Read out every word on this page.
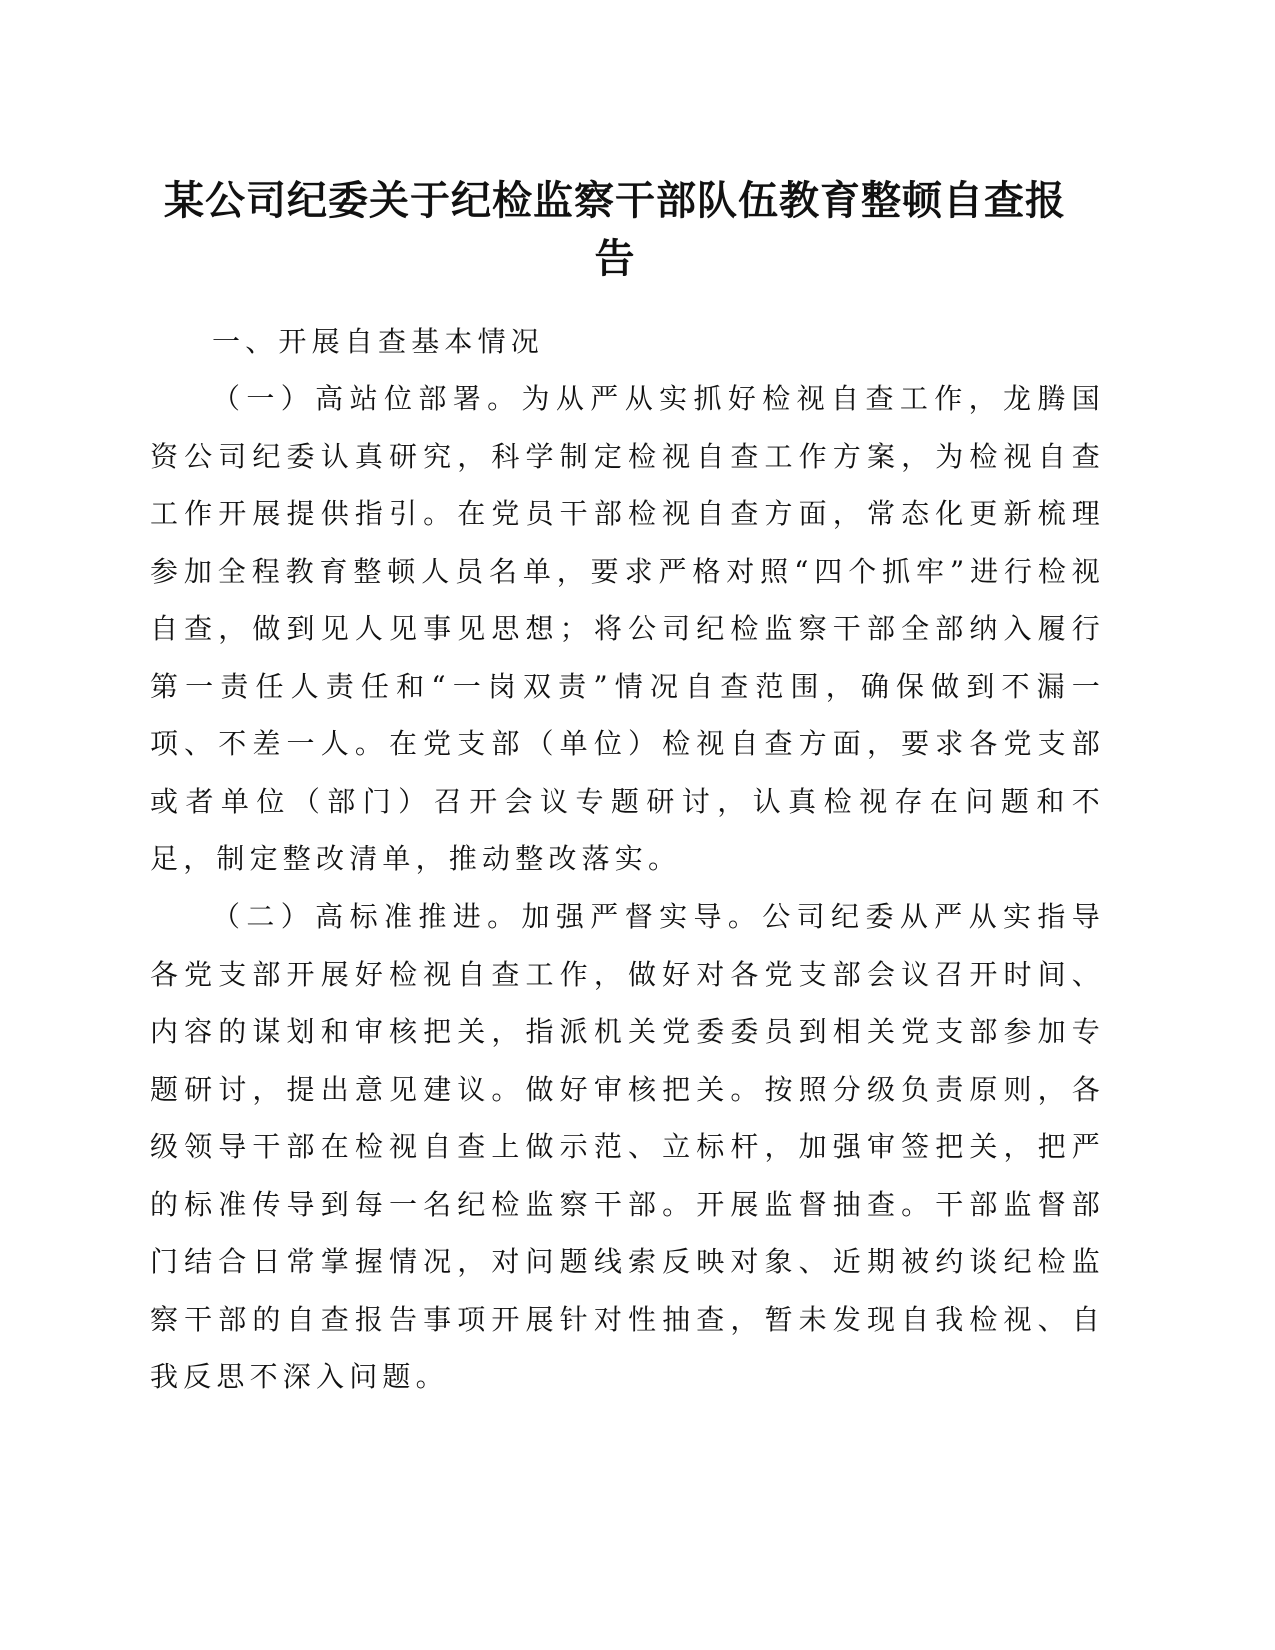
某公司纪委关于纪检监察干部队伍教育整顿自查报告

一、开展自查基本情况

（一）高站位部署。为从严从实抓好检视自查工作，龙腾国资公司纪委认真研究，科学制定检视自查工作方案，为检视自查工作开展提供指引。在党员干部检视自查方面，常态化更新梳理参加全程教育整顿人员名单，要求严格对照“四个抓牢”进行检视自查，做到见人见事见思想；将公司纪检监察干部全部纳入履行第一责任人责任和“一岗双责”情况自查范围，确保做到不漏一项、不差一人。在党支部（单位）检视自查方面，要求各党支部或者单位（部门）召开会议专题研讨，认真检视存在问题和不足，制定整改清单，推动整改落实。

（二）高标准推进。加强严督实导。公司纪委从严从实指导各党支部开展好检视自查工作，做好对各党支部会议召开时间、内容的谋划和审核把关，指派机关党委委员到相关党支部参加专题研讨，提出意见建议。做好审核把关。按照分级负责原则，各级领导干部在检视自查上做示范、立标杆，加强审签把关，把严的标准传导到每一名纪检监察干部。开展监督抽查。干部监督部门结合日常掌握情况，对问题线索反映对象、近期被约谈纪检监察干部的自查报告事项开展针对性抽查，暂未发现自我检视、自我反思不深入问题。
